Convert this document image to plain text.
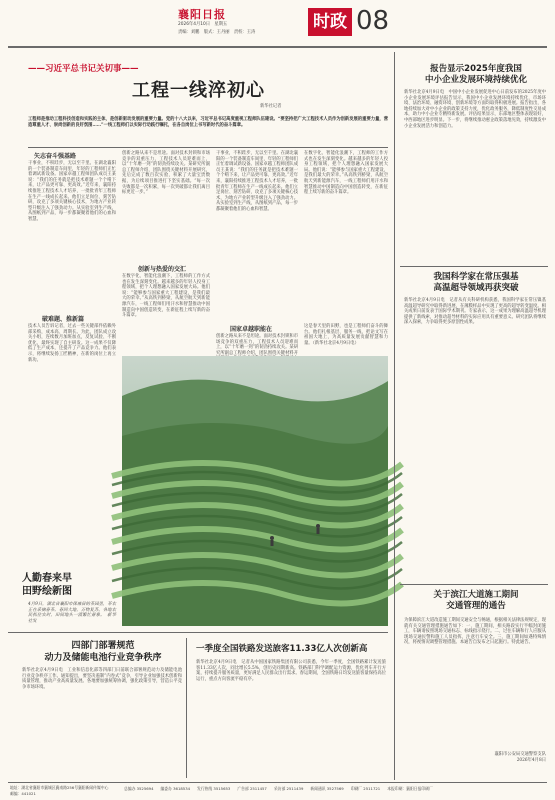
襄阳日报
2026年4月10日　星期五
责编：刘鹏　版式：王丹丽　责校：王涛
时政 08
——习近平总书记关切事——
工程一线淬初心
新华社记者
工程师是推动工程科技创造和实践的主体，是创新驱动发展的重要力量。党的十八大以来，习近平总书记高度重视工程师队伍建设。“要坚持把广大工程技术人员作为创新发展的重要力量，营造尊重人才、崇尚创新的良好氛围……”一线工程师们以实际行动践行嘱托，在各自岗位上书写新时代的奋斗篇章。
矢志奋斗强基路
干事业，不积跬步，无以至千里。在湖北襄阳的一个装备制造车间里，年轻的工程师们正忙着调试新设备。国家卓越工程师团队成员王某说：“我们的任务就是把技术难题一个个啃下来，让产品更可靠、更高效。”近年来，襄阳持续推进工程技术人才培养，一批批青年工程师在生产一线成长起来。他们立足岗位、刻苦钻研，攻克了多项关键核心技术，为地方产业转型升级注入了强劲动力。从实验室到生产线，从图纸到产品，每一步都凝聚着他们的心血和智慧。
破难题、推新篇
技术人员告诉记者，过去一些关键部件依赖外部采购，成本高、周期长。为此，团队成立攻关小组，连续数月加班加点，反复试验、不断优化，最终实现了自主研发。这一成果不仅降低了生产成本，还提升了产品竞争力。他们表示，将继续发扬工匠精神，在新的岗位上再立新功。
创新之路从来不是坦途。面对技术封锁和市场竞争的双重压力，工程技术人员迎难而上，以“十年磨一剑”的韧劲持续攻关。某研究所副总工程师介绍，团队围绕关键材料开展研究，先后完成了数百次实验，积累了大量宝贵数据，为后续项目推进打下坚实基础。“每一次失败都是一次积累，每一次突破都让我们离目标更近一步。”
创新与热爱的交汇
在数字化、智能化浪潮下，工程师的工作方式也在发生深刻变化。越来越多的年轻人投身工程领域，把个人理想融入国家发展大局。他们说：“能够参与国家重大工程建设，是我们最大的荣幸。”从高铁到桥梁，从航空航天到新能源汽车，一线工程师们用汗水和智慧推动中国制造向中国创造转变，在新征程上续写新的奋斗篇章。
干事业，不积跬步，无以至千里。在湖北襄阳的一个装备制造车间里，年轻的工程师们正忙着调试新设备。国家卓越工程师团队成员王某说：“我们的任务就是把技术难题一个个啃下来，让产品更可靠、更高效。”近年来，襄阳持续推进工程技术人才培养，一批批青年工程师在生产一线成长起来。他们立足岗位、刻苦钻研，攻克了多项关键核心技术，为地方产业转型升级注入了强劲动力。从实验室到生产线，从图纸到产品，每一步都凝聚着他们的心血和智慧。
国家卓越职能在
创新之路从来不是坦途。面对技术封锁和市场竞争的双重压力，工程技术人员迎难而上，以“十年磨一剑”的韧劲持续攻关。某研究所副总工程师介绍，团队围绕关键材料开
在数字化、智能化浪潮下，工程师的工作方式也在发生深刻变化。越来越多的年轻人投身工程领域，把个人理想融入国家发展大局。他们说：“能够参与国家重大工程建设，是我们最大的荣幸。”从高铁到桥梁，从航空航天到新能源汽车，一线工程师们用汗水和智慧推动中国制造向中国创造转变，在新征程上续写新的奋斗篇章。
这是春天里的田野，也是工程师们奋斗的舞台。他们扎根基层、服务一线，把论文写在祖国大地上，为高质量发展贡献智慧和力量。（新华社北京4月9日电）
人勤春来早
田野绘新图
4月9日，湖北省襄阳市保康县的茶园里，茶农正在采摘春茶。春回大地，万物复苏，各地农民抓住农时，田间地头一派繁忙景象。　新华社发
四部门部署规范
动力及储能电池行业竞争秩序
新华社北京4月9日电　工业和信息化部等四部门日前联合部署规范动力及储能电池行业竞争秩序工作。通知提出，要坚决遏制“内卷式”竞争，引导企业加强技术创新和质量管理，推动产业高质量发展。各地要加强统筹协调，强化政策引导，营造公平竞争市场环境。
一季度全国铁路发送旅客11.33亿人次创新高
新华社北京4月9日电　记者从中国国家铁路集团有限公司获悉，今年一季度，全国铁路累计发送旅客11.33亿人次，同比增长5.5%，创历史同期新高。铁路部门科学调配运力资源，优化列车开行方案，持续提升服务质量，更好满足人民群众出行需求。春运期间，全国铁路日均发送旅客量保持高位运行，重点方向客流平稳有序。
报告显示2025年度我国
中小企业发展环境持续优化
新华社北京4月9日电　中国中小企业发展促进中心日前发布的2025年度中小企业发展环境评估报告显示，我国中小企业发展环境持续优化，市场环境、法治环境、融资环境、创新环境等方面均取得积极进展。报告指出，各地持续加大对中小企业的政策支持力度，优化政务服务，降低制度性交易成本，助力中小企业专精特新发展。评估结果显示，东部地区整体表现较好，中西部地区进步明显。下一步，将继续推动惠企政策落地见效，持续激发中小企业发展活力和创造力。
我国科学家在常压强基
高温超导领域再获突破
新华社北京4月9日电　记者从有关科研机构获悉，我国科学家在常压镍基高温超导研究中取得新进展，在薄膜样品中实现了更高的超导转变温度。相关成果日前发表于国际学术期刊。专家表示，这一成果为理解高温超导机理提供了新线索，对推动超导材料的实际应用具有重要意义。研究团队将继续深入探索，力争取得更多原创性成果。
关于滨江大道施工期间
交通管理的通告
为保障滨江大道改造施工期间交通安全与畅通，根据相关法律法规规定，现就有关交通管理措施通告如下：一、施工期间，相关路段实行半幅封闭施工，车辆请按照现场交通标志、标线指示绕行。二、过往车辆和行人应服从现场交通民警和施工人员指挥，注意行车安全。三、施工期间如遇特殊情况，将视情况调整管理措施。本通告自发布之日起施行。特此通告。
襄阳市公安局交通警察支队
2026年4月8日
地址：湖北省襄阳市襄城区襄南路256号襄阳新闻传媒中心
邮编：441021
总编办 3525694 编委办 3618534 发行热线 3515653 广告部 2511457 采访部 2511439 新闻通讯 3527569 印刷厂 2511721 本报印刷：襄阳日报印刷厂
